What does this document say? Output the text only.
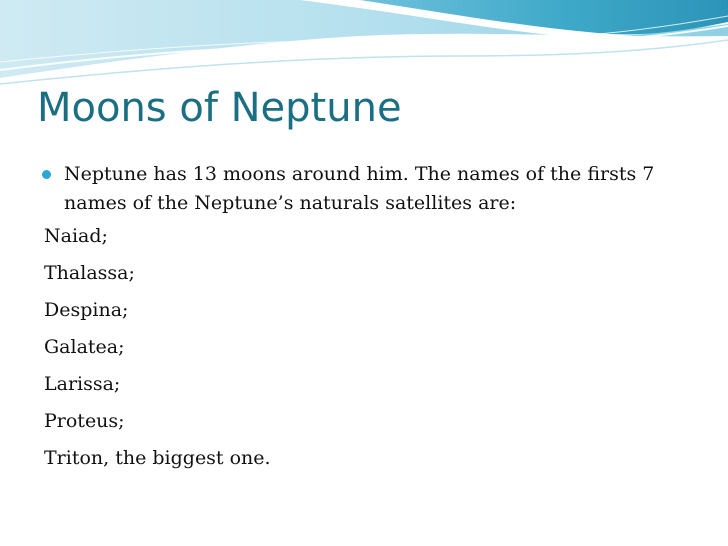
Moons of Neptune
Neptune has 13 moons around him. The names of the firsts 7 names of the Neptune’s naturals satellites are:
Naiad;
Thalassa;
Despina;
Galatea;
Larissa;
Proteus;
Triton, the biggest one.
